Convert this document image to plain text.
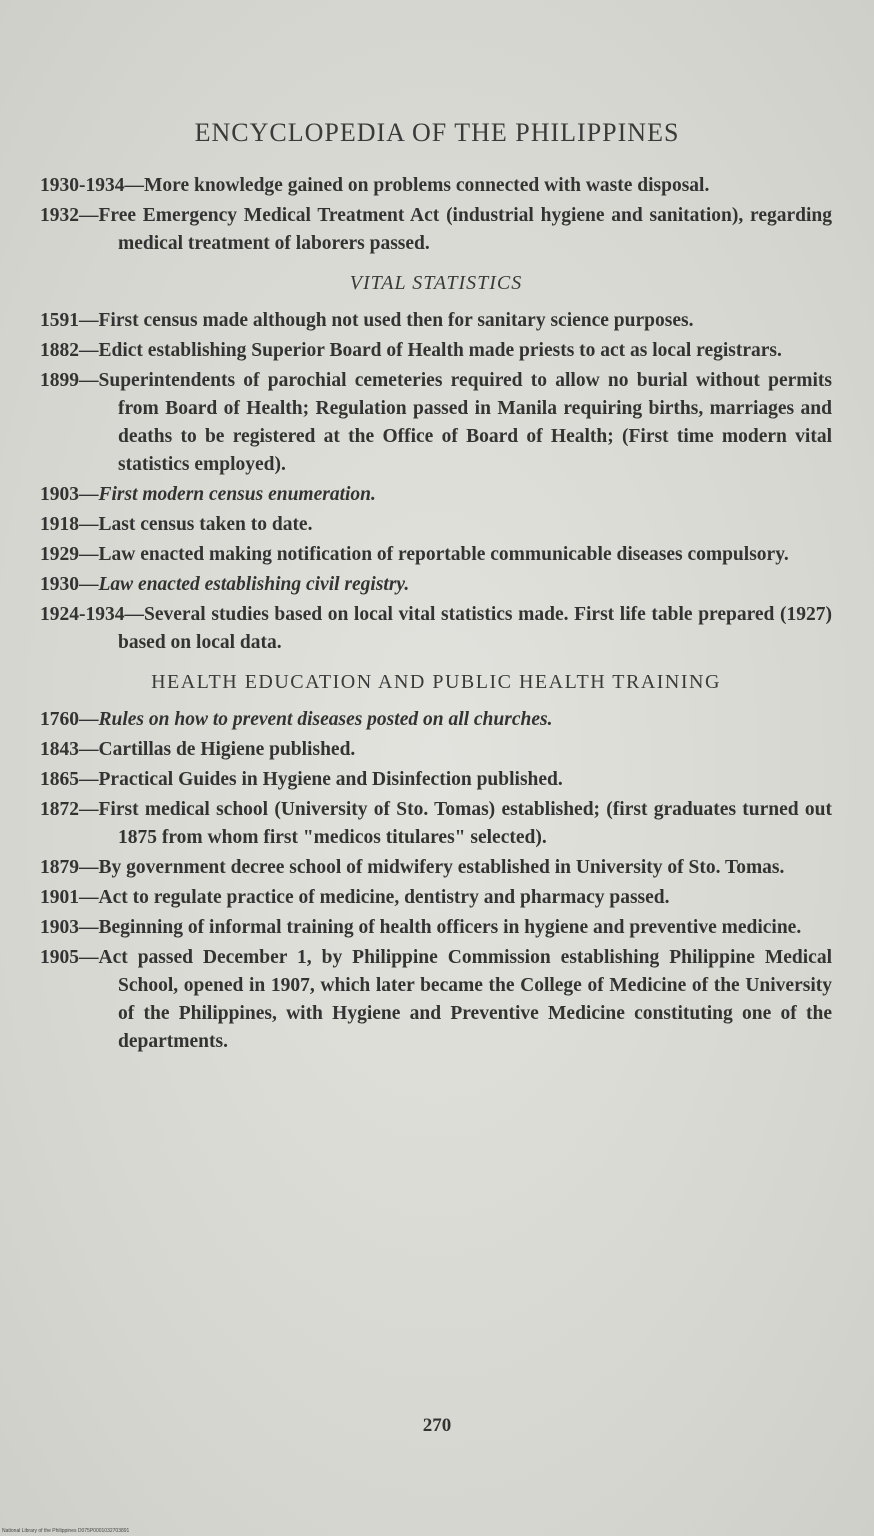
ENCYCLOPEDIA OF THE PHILIPPINES

1930-1934—More knowledge gained on problems connected with waste disposal.

1932—Free Emergency Medical Treatment Act (industrial hygiene and sanitation), regarding medical treatment of laborers passed.

VITAL STATISTICS

1591—First census made although not used then for sanitary science purposes.

1882—Edict establishing Superior Board of Health made priests to act as local registrars.

1899—Superintendents of parochial cemeteries required to allow no burial without permits from Board of Health; Regulation passed in Manila requiring births, marriages and deaths to be registered at the Office of Board of Health; (First time modern vital statistics employed).

1903—First modern census enumeration.

1918—Last census taken to date.

1929—Law enacted making notification of reportable communicable diseases compulsory.

1930—Law enacted establishing civil registry.

1924-1934—Several studies based on local vital statistics made. First life table prepared (1927) based on local data.

HEALTH EDUCATION AND PUBLIC HEALTH TRAINING

1760—Rules on how to prevent diseases posted on all churches.

1843—Cartillas de Higiene published.

1865—Practical Guides in Hygiene and Disinfection published.

1872—First medical school (University of Sto. Tomas) established; (first graduates turned out 1875 from whom first "medicos titulares" selected).

1879—By government decree school of midwifery established in University of Sto. Tomas.

1901—Act to regulate practice of medicine, dentistry and pharmacy passed.

1903—Beginning of informal training of health officers in hygiene and preventive medicine.

1905—Act passed December 1, by Philippine Commission establishing Philippine Medical School, opened in 1907, which later became the College of Medicine of the University of the Philippines, with Hygiene and Preventive Medicine constituting one of the departments.

270
National Library of the Philippines D075P0001032703891
